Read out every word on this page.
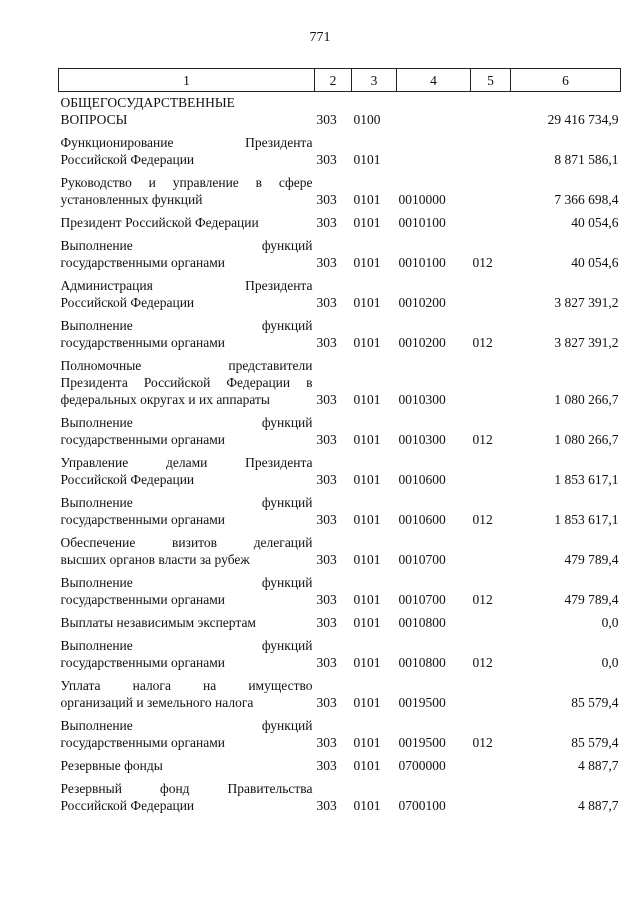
771
1	2	3	4	5	6

ОБЩЕГОСУДАРСТВЕННЫЕ
ВОПРОСЫ	303	0100			29 416 734,9

Функционирование Президента
Российской Федерации	303	0101			8 871 586,1

Руководство и управление в сфере
установленных функций	303	0101	0010000		7 366 698,4

Президент Российской Федерации	303	0101	0010100		40 054,6

Выполнение функций
государственными органами	303	0101	0010100	012	40 054,6

Администрация Президента
Российской Федерации	303	0101	0010200		3 827 391,2

Выполнение функций
государственными органами	303	0101	0010200	012	3 827 391,2

Полномочные представители
Президента Российской Федерации в
федеральных округах и их аппараты	303	0101	0010300		1 080 266,7

Выполнение функций
государственными органами	303	0101	0010300	012	1 080 266,7

Управление делами Президента
Российской Федерации	303	0101	0010600		1 853 617,1

Выполнение функций
государственными органами	303	0101	0010600	012	1 853 617,1

Обеспечение визитов делегаций
высших органов власти за рубеж	303	0101	0010700		479 789,4

Выполнение функций
государственными органами	303	0101	0010700	012	479 789,4

Выплаты независимым экспертам	303	0101	0010800		0,0

Выполнение функций
государственными органами	303	0101	0010800	012	0,0

Уплата налога на имущество
организаций и земельного налога	303	0101	0019500		85 579,4

Выполнение функций
государственными органами	303	0101	0019500	012	85 579,4

Резервные фонды	303	0101	0700000		4 887,7

Резервный фонд Правительства
Российской Федерации	303	0101	0700100		4 887,7
